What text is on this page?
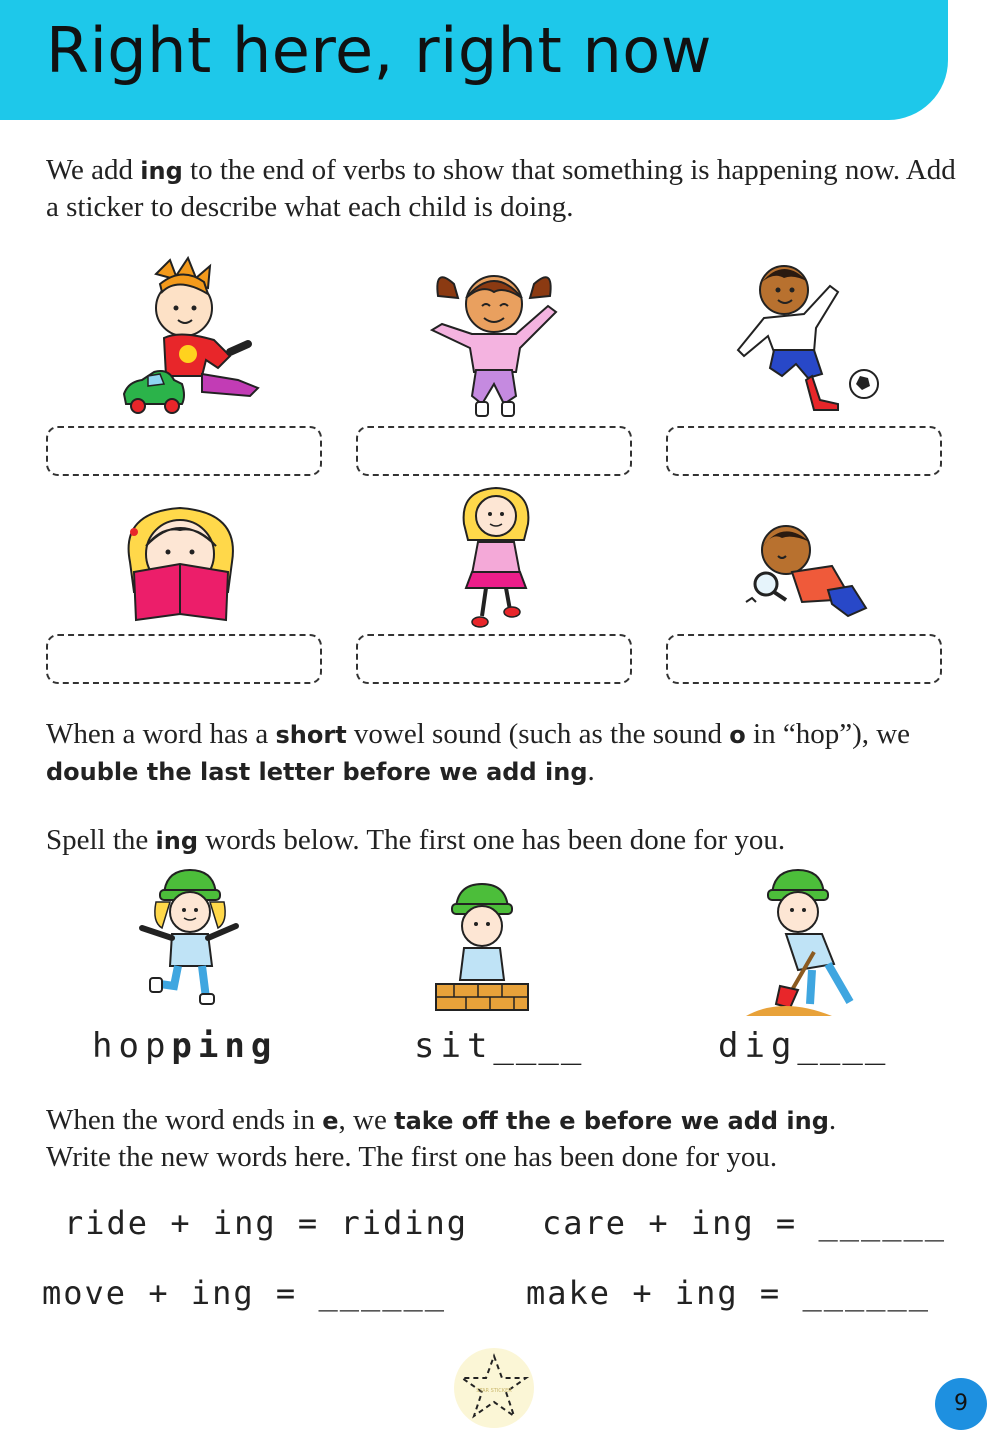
Right here, right now
We add ing to the end of verbs to show that something is happening now. Add a sticker to describe what each child is doing.
When a word has a short vowel sound (such as the sound o in “hop”), we double the last letter before we add ing.
Spell the ing words below. The first one has been done for you.
hopping	sit____	dig____
When the word ends in e, we take off the e before we add ing.
Write the new words here. The first one has been done for you.
ride + ing = riding care + ing = ______
move + ing = ______ make + ing = ______
STAR STICKER	9
